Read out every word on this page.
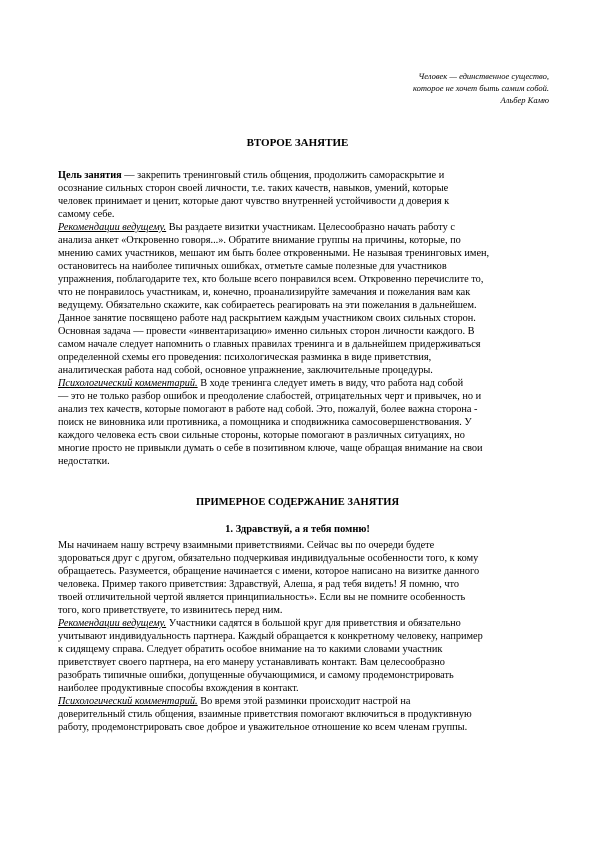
Человек — единственное существо,
которое не хочет быть самим собой.
Альбер Камю
ВТОРОЕ ЗАНЯТИЕ
Цель занятия — закрепить тренинговый стиль общения, продолжить самораскрытие и
осознание сильных сторон своей личности, т.е. таких качеств, навыков, умений, которые
человек принимает и ценит, которые дают чувство внутренней устойчивости д доверия к
самому себе.
Рекомендации ведущему. Вы раздаете визитки участникам. Целесообразно начать работу с
анализа анкет «Откровенно говоря...». Обратите внимание группы на причины, которые, по
мнению самих участников, мешают им быть более откровенными. Не называя тренинговых имен,
остановитесь на наиболее типичных ошибках, отметьте самые полезные для участников
упражнения, поблагодарите тех, кто больше всего понравился всем. Откровенно перечислите то,
что не понравилось участникам, и, конечно, проанализируйте замечания и пожелания вам как
ведущему. Обязательно скажите, как собираетесь реагировать на эти пожелания в дальнейшем.
Данное занятие посвящено работе над раскрытием каждым участником своих сильных сторон.
Основная задача — провести «инвентаризацию» именно сильных сторон личности каждого. В
самом начале следует напомнить о главных правилах тренинга и в дальнейшем придерживаться
определенной схемы его проведения: психологическая разминка в виде приветствия,
аналитическая работа над собой, основное упражнение, заключительные процедуры.
Психологический комментарий. В ходе тренинга следует иметь в виду, что работа над собой
— это не только разбор ошибок и преодоление слабостей, отрицательных черт и привычек, но и
анализ тех качеств, которые помогают в работе над собой. Это, пожалуй, более важна сторона -
поиск не виновника или противника, а помощника и сподвижника самосовершенствования. У
каждого человека есть свои сильные стороны, которые помогают в различных ситуациях, но
многие просто не привыкли думать о себе в позитивном ключе, чаще обращая внимание на свои
недостатки.
ПРИМЕРНОЕ СОДЕРЖАНИЕ ЗАНЯТИЯ
1. Здравствуй, а я тебя помню!
Мы начинаем нашу встречу взаимными приветствиями. Сейчас вы по очереди будете
здороваться друг с другом, обязательно подчеркивая индивидуальные особенности того, к кому
обращаетесь. Разумеется, обращение начинается с имени, которое написано на визитке данного
человека. Пример такого приветствия: Здравствуй, Алеша, я рад тебя видеть! Я помню, что
твоей отличительной чертой является принципиальность». Если вы не помните особенность
того, кого приветствуете, то извинитесь перед ним.
Рекомендации ведущему. Участники садятся в большой круг для приветствия и обязательно
учитывают индивидуальность партнера. Каждый обращается к конкретному человеку, например
к сидящему справа. Следует обратить особое внимание на то какими словами участник
приветствует своего партнера, на его манеру устанавливать контакт. Вам целесообразно
разобрать типичные ошибки, допущенные обучающимися, и самому продемонстрировать
наиболее продуктивные способы вхождения в контакт.
Психологический комментарий. Во время этой разминки происходит настрой на
доверительный стиль общения, взаимные приветствия помогают включиться в продуктивную
работу, продемонстрировать свое доброе и уважительное отношение ко всем членам группы.
